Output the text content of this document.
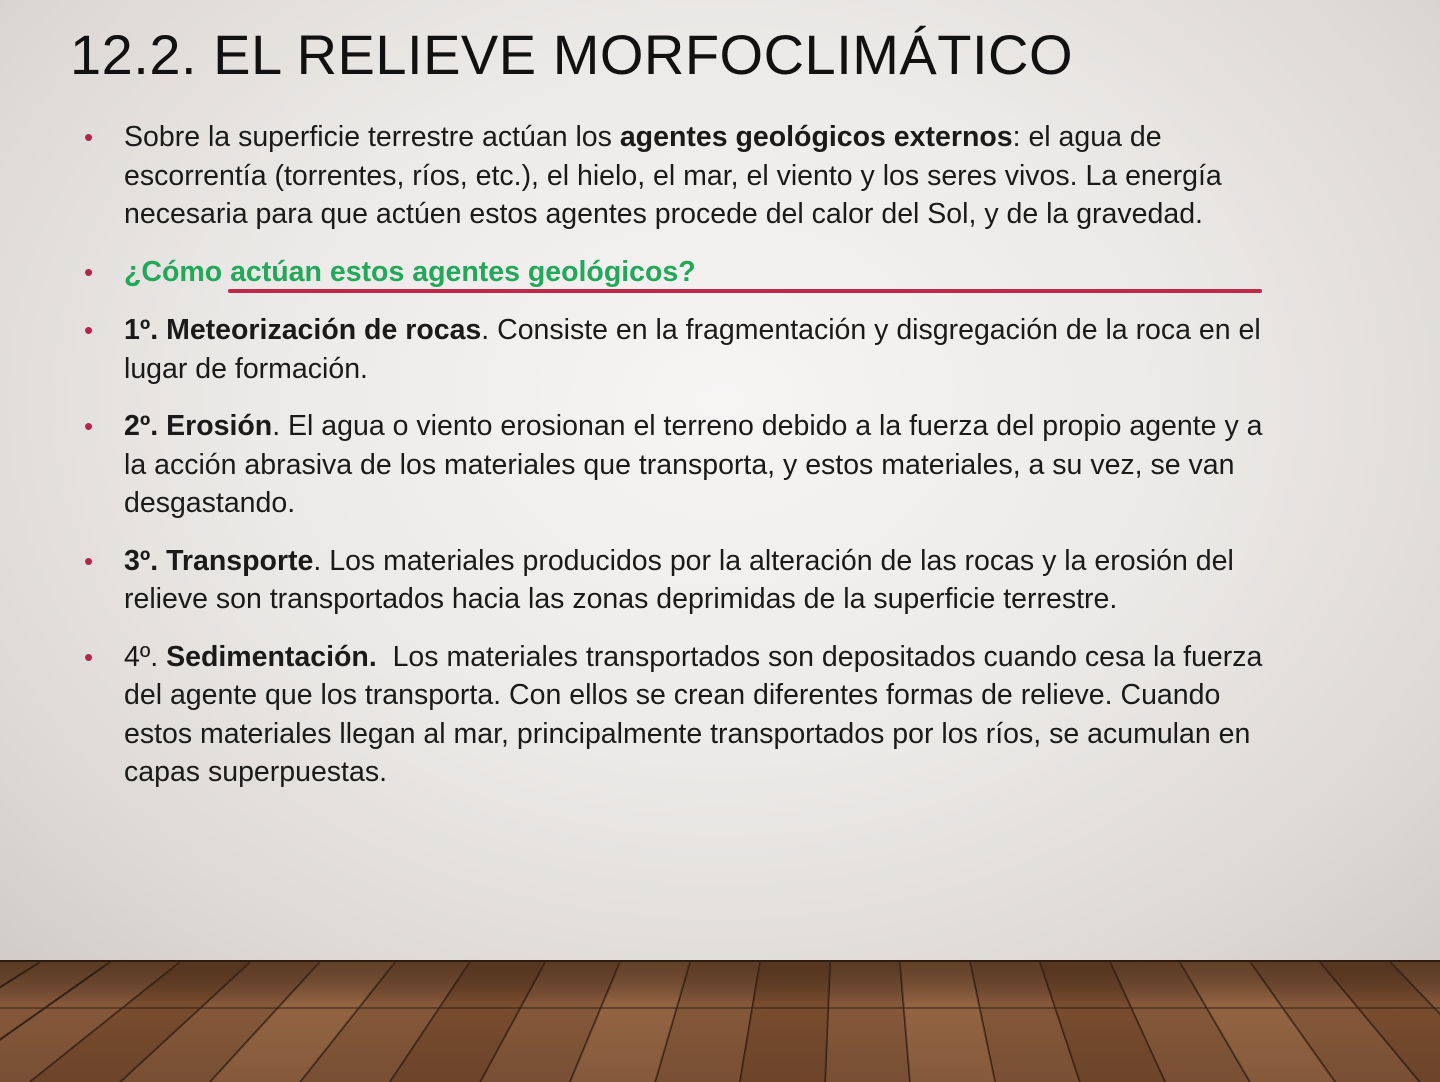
12.2. EL RELIEVE MORFOCLIMÁTICO
• Sobre la superficie terrestre actúan los agentes geológicos externos: el agua de escorrentía (torrentes, ríos, etc.), el hielo, el mar, el viento y los seres vivos. La energía necesaria para que actúen estos agentes procede del calor del Sol, y de la gravedad.
• ¿Cómo actúan estos agentes geológicos?
• 1º. Meteorización de rocas. Consiste en la fragmentación y disgregación de la roca en el lugar de formación.
• 2º. Erosión. El agua o viento erosionan el terreno debido a la fuerza del propio agente y a la acción abrasiva de los materiales que transporta, y estos materiales, a su vez, se van desgastando.
• 3º. Transporte. Los materiales producidos por la alteración de las rocas y la erosión del relieve son transportados hacia las zonas deprimidas de la superficie terrestre.
• 4º. Sedimentación.  Los materiales transportados son depositados cuando cesa la fuerza del agente que los transporta. Con ellos se crean diferentes formas de relieve. Cuando estos materiales llegan al mar, principalmente transportados por los ríos, se acumulan en capas superpuestas.
